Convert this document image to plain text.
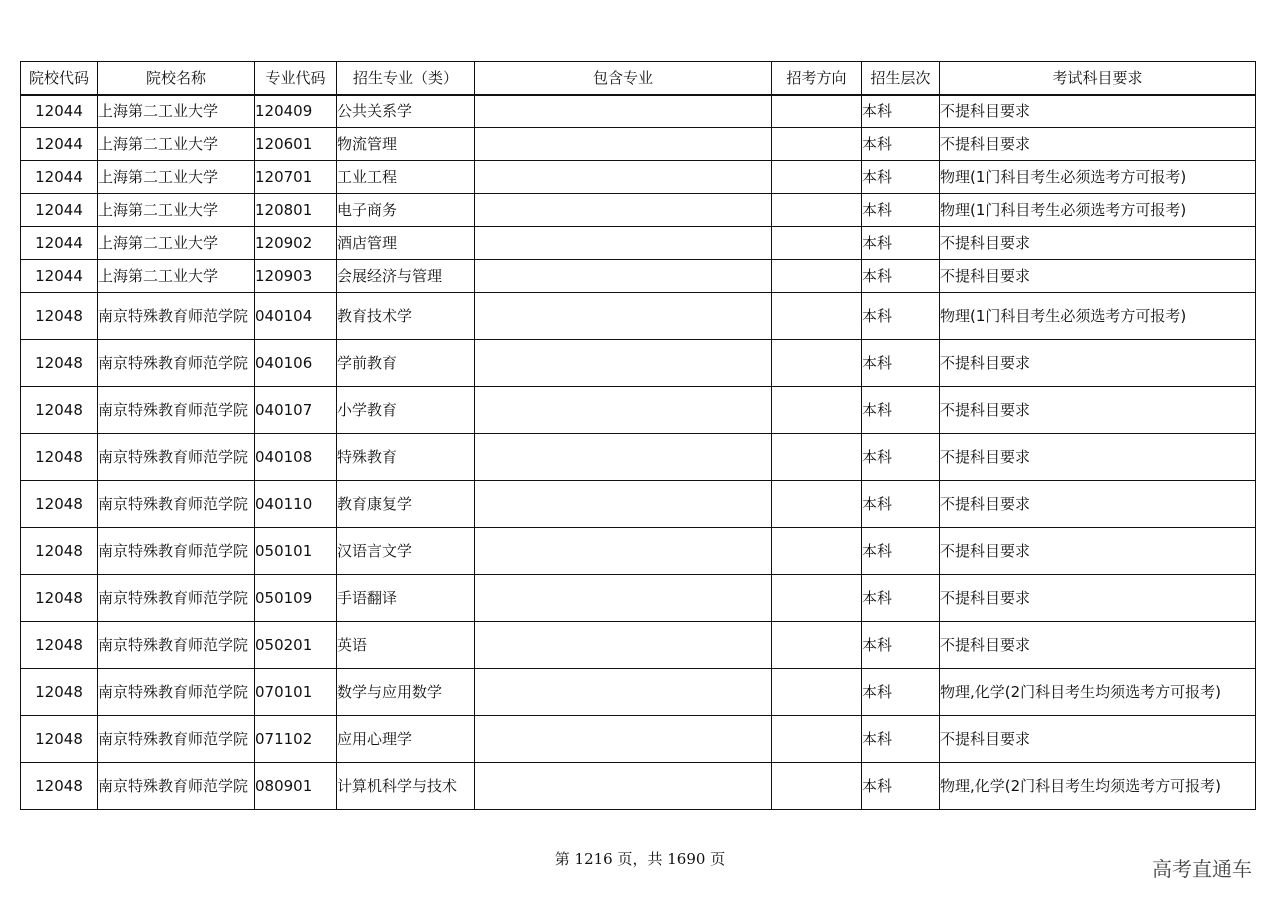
院校代码	院校名称	专业代码	招生专业（类）	包含专业	招考方向	招生层次	考试科目要求
12044	上海第二工业大学	120409	公共关系学			本科	不提科目要求
12044	上海第二工业大学	120601	物流管理			本科	不提科目要求
12044	上海第二工业大学	120701	工业工程			本科	物理(1门科目考生必须选考方可报考)
12044	上海第二工业大学	120801	电子商务			本科	物理(1门科目考生必须选考方可报考)
12044	上海第二工业大学	120902	酒店管理			本科	不提科目要求
12044	上海第二工业大学	120903	会展经济与管理			本科	不提科目要求
12048	南京特殊教育师范学院	040104	教育技术学			本科	物理(1门科目考生必须选考方可报考)
12048	南京特殊教育师范学院	040106	学前教育			本科	不提科目要求
12048	南京特殊教育师范学院	040107	小学教育			本科	不提科目要求
12048	南京特殊教育师范学院	040108	特殊教育			本科	不提科目要求
12048	南京特殊教育师范学院	040110	教育康复学			本科	不提科目要求
12048	南京特殊教育师范学院	050101	汉语言文学			本科	不提科目要求
12048	南京特殊教育师范学院	050109	手语翻译			本科	不提科目要求
12048	南京特殊教育师范学院	050201	英语			本科	不提科目要求
12048	南京特殊教育师范学院	070101	数学与应用数学			本科	物理,化学(2门科目考生均须选考方可报考)
12048	南京特殊教育师范学院	071102	应用心理学			本科	不提科目要求
12048	南京特殊教育师范学院	080901	计算机科学与技术			本科	物理,化学(2门科目考生均须选考方可报考)
第 1216 页，共 1690 页	高考直通车
